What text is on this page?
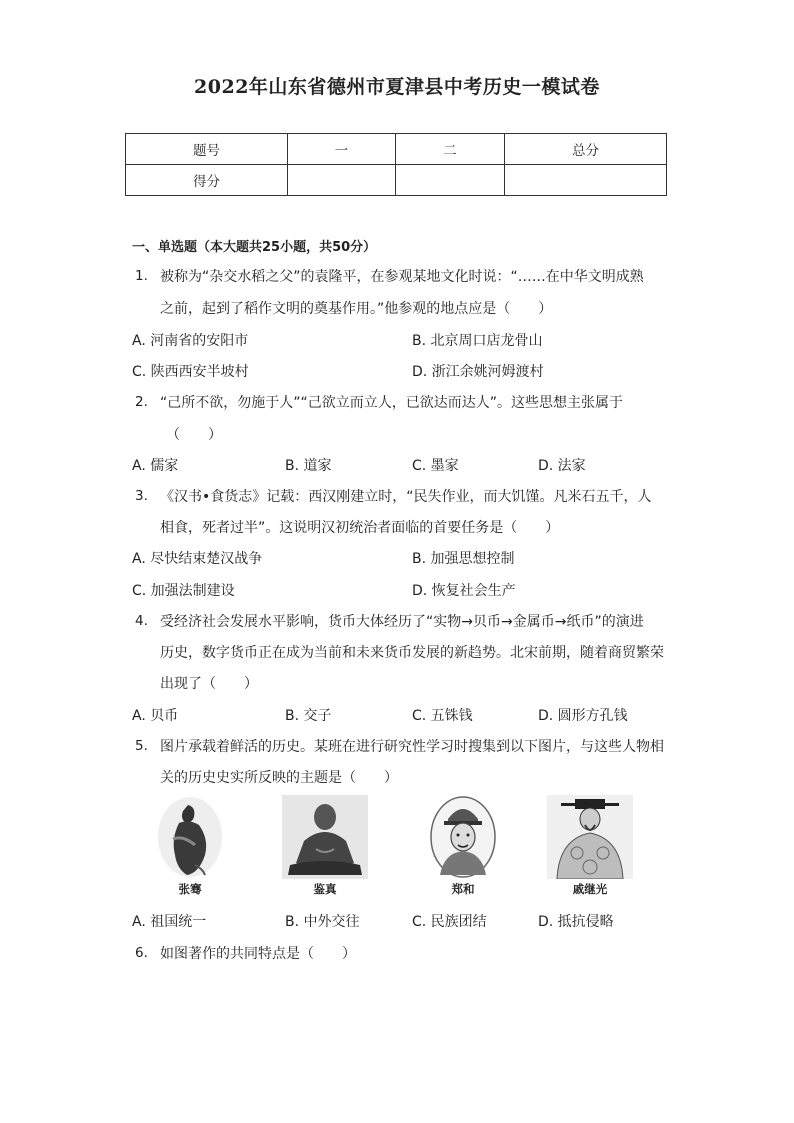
2022年山东省德州市夏津县中考历史一模试卷
题号	一	二	总分
得分			
一、单选题（本大题共25小题，共50分）
1. 被称为“杂交水稻之父”的袁隆平，在参观某地文化时说：“……在中华文明成熟
之前，起到了稻作文明的奠基作用。”他参观的地点应是（　　）
A. 河南省的安阳市	B. 北京周口店龙骨山
C. 陕西西安半坡村	D. 浙江余姚河姆渡村
2. “己所不欲，勿施于人”“己欲立而立人，已欲达而达人”。这些思想主张属于
（　　）
A. 儒家	B. 道家	C. 墨家	D. 法家
3. 《汉书•食货志》记载：西汉刚建立时，“民失作业，而大饥馑。凡米石五千，人
相食，死者过半”。这说明汉初统治者面临的首要任务是（　　）
A. 尽快结束楚汉战争	B. 加强思想控制
C. 加强法制建设	D. 恢复社会生产
4. 受经济社会发展水平影响，货币大体经历了“实物→贝币→金属币→纸币”的演进
历史，数字货币正在成为当前和未来货币发展的新趋势。北宋前期，随着商贸繁荣
出现了（　　）
A. 贝币	B. 交子	C. 五铢钱	D. 圆形方孔钱
5. 图片承载着鲜活的历史。某班在进行研究性学习时搜集到以下图片，与这些人物相
关的历史史实所反映的主题是（　　）
张骞	鉴真	郑和	戚继光
A. 祖国统一	B. 中外交往	C. 民族团结	D. 抵抗侵略
6. 如图著作的共同特点是（　　）
